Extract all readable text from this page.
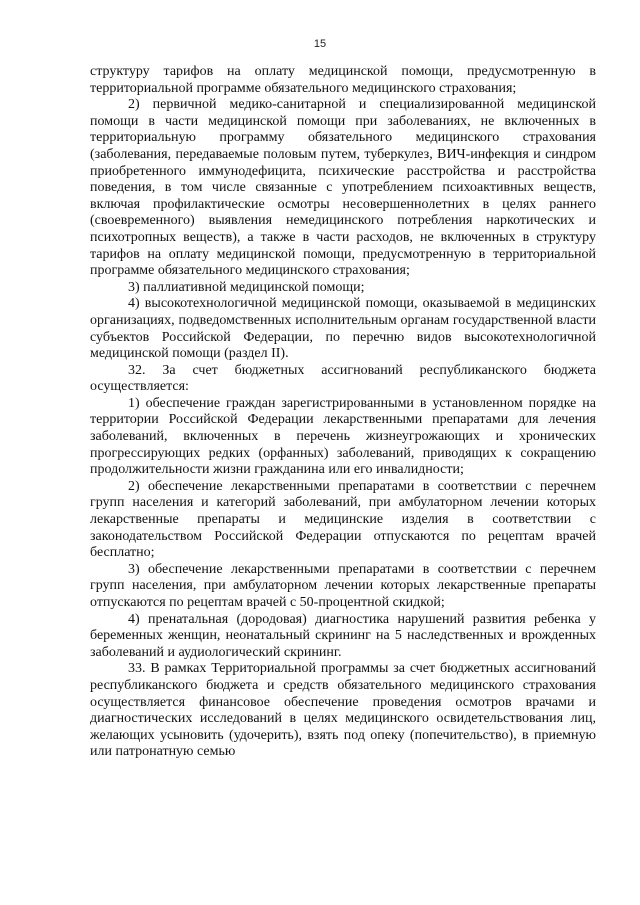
15

структуру тарифов на оплату медицинской помощи, предусмотренную в территориальной программе обязательного медицинского страхования;

2) первичной медико-санитарной и специализированной медицинской помощи в части медицинской помощи при заболеваниях, не включенных в территориальную программу обязательного медицинского страхования (заболевания, передаваемые половым путем, туберкулез, ВИЧ-инфекция и синдром приобретенного иммунодефицита, психические расстройства и расстройства поведения, в том числе связанные с употреблением психоактивных веществ, включая профилактические осмотры несовершеннолетних в целях раннего (своевременного) выявления немедицинского потребления наркотических и психотропных веществ), а также в части расходов, не включенных в структуру тарифов на оплату медицинской помощи, предусмотренную в территориальной программе обязательного медицинского страхования;

3) паллиативной медицинской помощи;

4) высокотехнологичной медицинской помощи, оказываемой в медицинских организациях, подведомственных исполнительным органам государственной власти субъектов Российской Федерации, по перечню видов высокотехнологичной медицинской помощи (раздел II).

32. За счет бюджетных ассигнований республиканского бюджета осуществляется:

1) обеспечение граждан зарегистрированными в установленном порядке на территории Российской Федерации лекарственными препаратами для лечения заболеваний, включенных в перечень жизнеугрожающих и хронических прогрессирующих редких (орфанных) заболеваний, приводящих к сокращению продолжительности жизни гражданина или его инвалидности;

2) обеспечение лекарственными препаратами в соответствии с перечнем групп населения и категорий заболеваний, при амбулаторном лечении которых лекарственные препараты и медицинские изделия в соответствии с законодательством Российской Федерации отпускаются по рецептам врачей бесплатно;

3) обеспечение лекарственными препаратами в соответствии с перечнем групп населения, при амбулаторном лечении которых лекарственные препараты отпускаются по рецептам врачей с 50-процентной скидкой;

4) пренатальная (дородовая) диагностика нарушений развития ребенка у беременных женщин, неонатальный скрининг на 5 наследственных и врожденных заболеваний и аудиологический скрининг.

33. В рамках Территориальной программы за счет бюджетных ассигнований республиканского бюджета и средств обязательного медицинского страхования осуществляется финансовое обеспечение проведения осмотров врачами и диагностических исследований в целях медицинского освидетельствования лиц, желающих усыновить (удочерить), взять под опеку (попечительство), в приемную или патронатную семью
